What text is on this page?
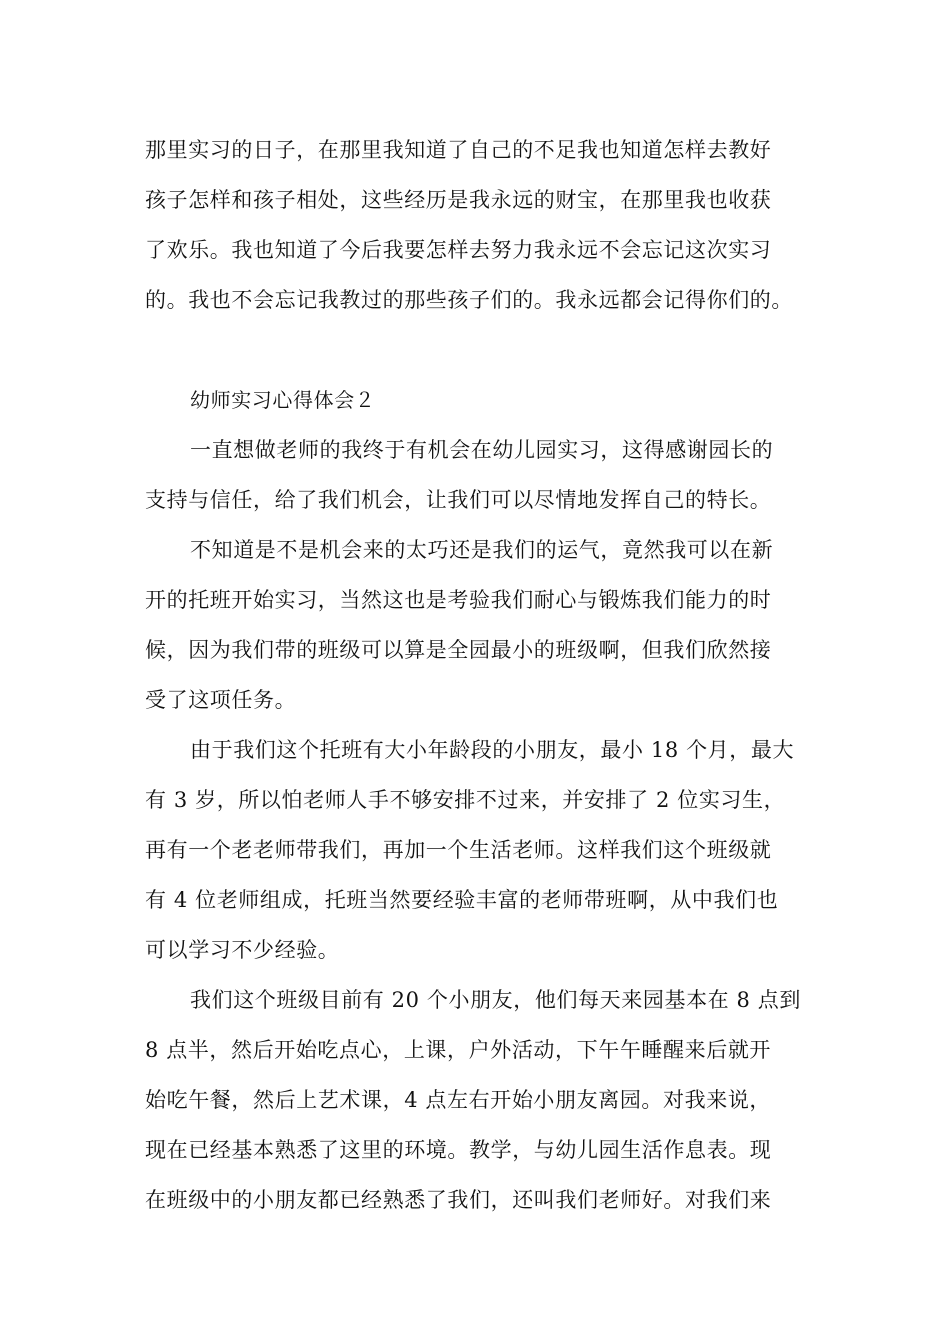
那里实习的日子，在那里我知道了自己的不足我也知道怎样去教好
孩子怎样和孩子相处，这些经历是我永远的财宝，在那里我也收获
了欢乐。我也知道了今后我要怎样去努力我永远不会忘记这次实习
的。我也不会忘记我教过的那些孩子们的。我永远都会记得你们的。
幼师实习心得体会２
一直想做老师的我终于有机会在幼儿园实习，这得感谢园长的
支持与信任，给了我们机会，让我们可以尽情地发挥自己的特长。
不知道是不是机会来的太巧还是我们的运气，竟然我可以在新
开的托班开始实习，当然这也是考验我们耐心与锻炼我们能力的时
候，因为我们带的班级可以算是全园最小的班级啊，但我们欣然接
受了这项任务。
由于我们这个托班有大小年龄段的小朋友，最小 18 个月，最大
有 3 岁，所以怕老师人手不够安排不过来，并安排了 2 位实习生，
再有一个老老师带我们，再加一个生活老师。这样我们这个班级就
有 4 位老师组成，托班当然要经验丰富的老师带班啊，从中我们也
可以学习不少经验。
我们这个班级目前有 20 个小朋友，他们每天来园基本在 8 点到
8 点半，然后开始吃点心，上课，户外活动，下午午睡醒来后就开
始吃午餐，然后上艺术课，4 点左右开始小朋友离园。对我来说，
现在已经基本熟悉了这里的环境。教学，与幼儿园生活作息表。现
在班级中的小朋友都已经熟悉了我们，还叫我们老师好。对我们来
